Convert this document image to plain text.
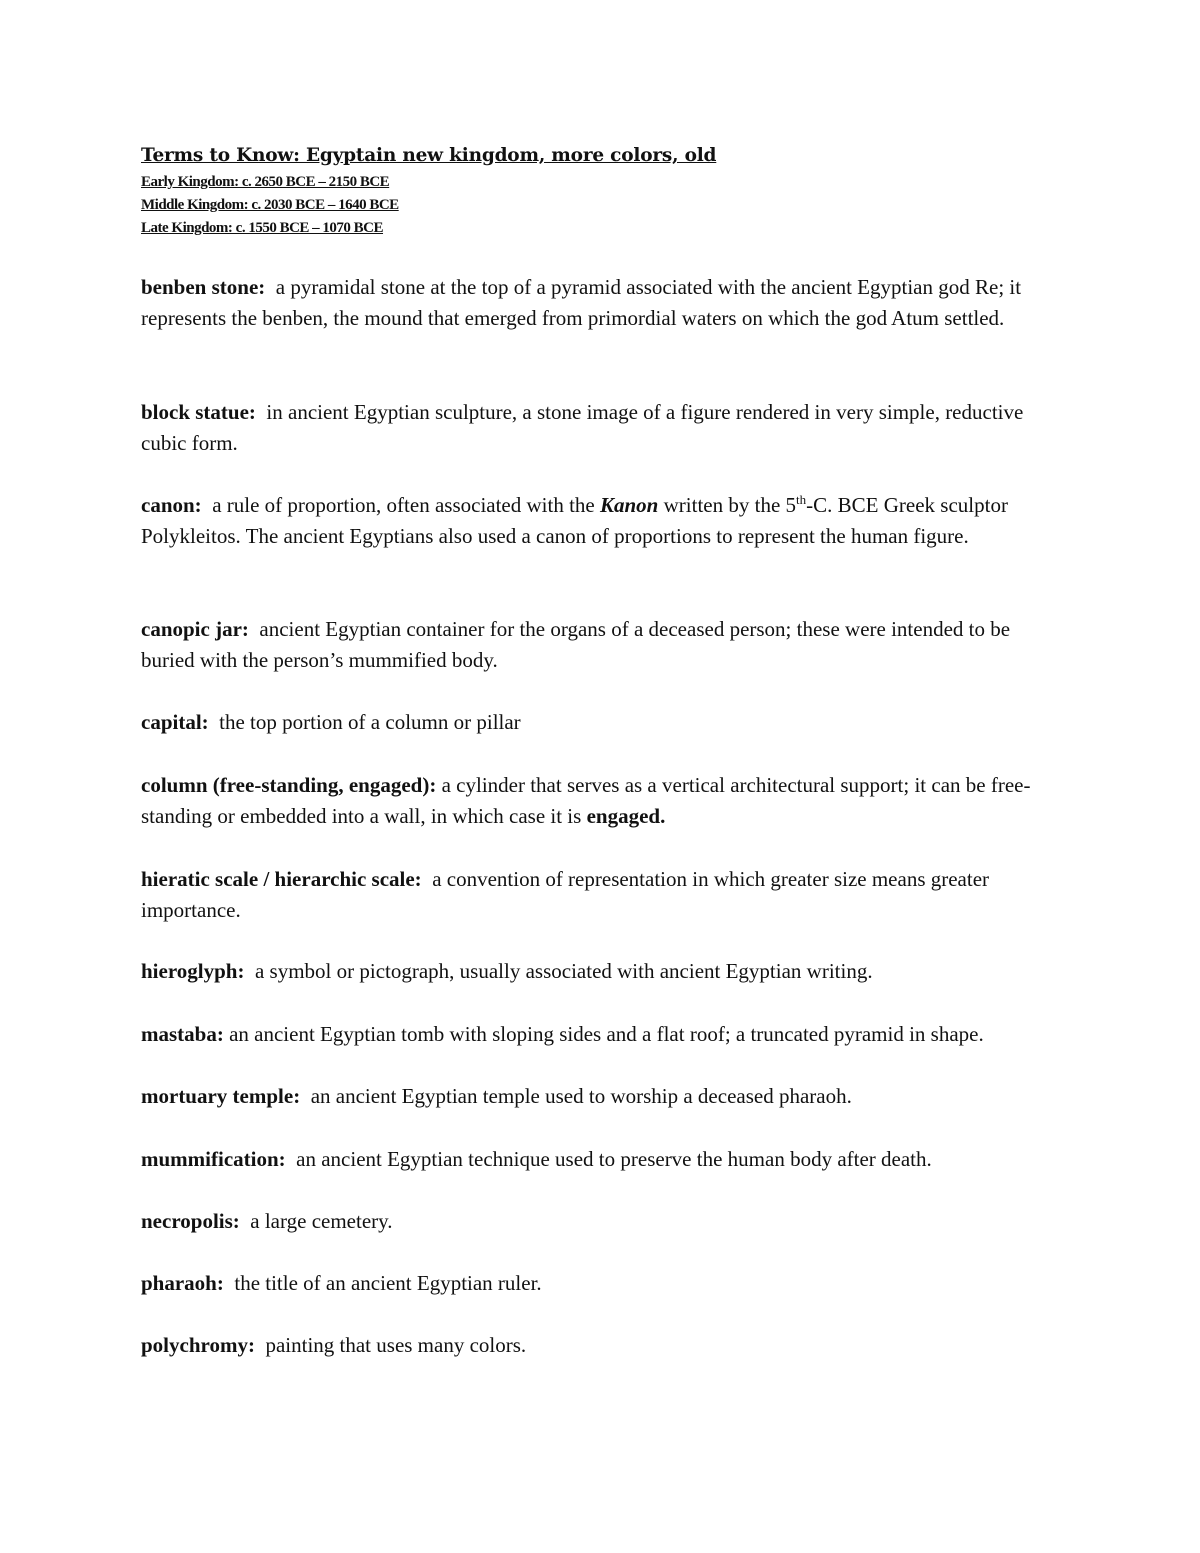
Terms to Know: Egyptain new kingdom, more colors, old
Early Kingdom: c. 2650 BCE – 2150 BCE
Middle Kingdom: c. 2030 BCE – 1640 BCE
Late Kingdom: c. 1550 BCE – 1070 BCE

benben stone: a pyramidal stone at the top of a pyramid associated with the ancient Egyptian god Re; it represents the benben, the mound that emerged from primordial waters on which the god Atum settled.

block statue: in ancient Egyptian sculpture, a stone image of a figure rendered in very simple, reductive cubic form.

canon: a rule of proportion, often associated with the Kanon written by the 5th-C. BCE Greek sculptor Polykleitos. The ancient Egyptians also used a canon of proportions to represent the human figure.

canopic jar: ancient Egyptian container for the organs of a deceased person; these were intended to be buried with the person’s mummified body.

capital: the top portion of a column or pillar

column (free-standing, engaged): a cylinder that serves as a vertical architectural support; it can be free-standing or embedded into a wall, in which case it is engaged.

hieratic scale / hierarchic scale: a convention of representation in which greater size means greater importance.

hieroglyph: a symbol or pictograph, usually associated with ancient Egyptian writing.

mastaba: an ancient Egyptian tomb with sloping sides and a flat roof; a truncated pyramid in shape.

mortuary temple: an ancient Egyptian temple used to worship a deceased pharaoh.

mummification: an ancient Egyptian technique used to preserve the human body after death.

necropolis: a large cemetery.

pharaoh: the title of an ancient Egyptian ruler.

polychromy: painting that uses many colors.
